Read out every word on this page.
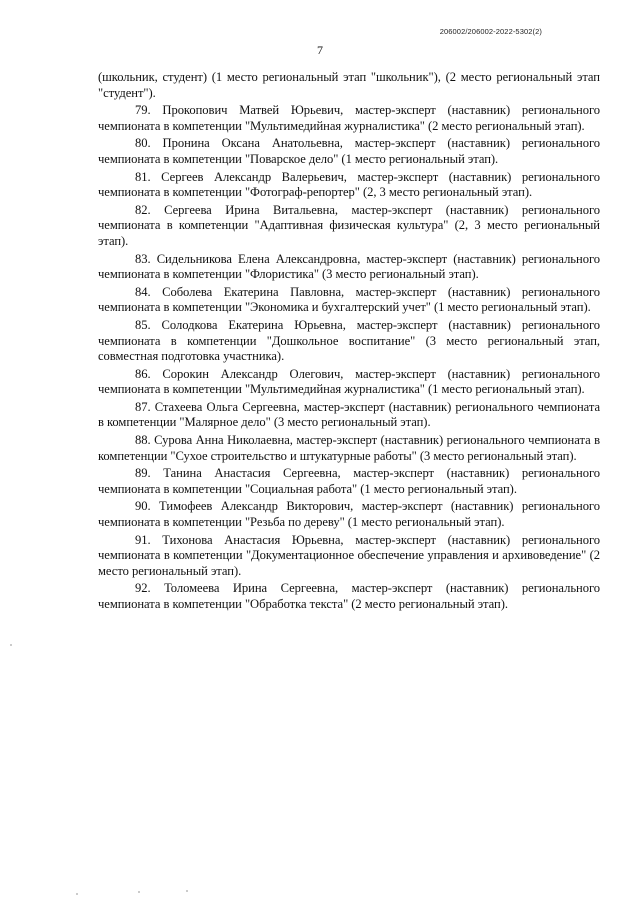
206002/206002-2022-5302(2)
7

(школьник, студент) (1 место региональный этап "школьник"), (2 место региональный этап "студент").

79. Прокопович Матвей Юрьевич, мастер-эксперт (наставник) регионального чемпионата в компетенции "Мультимедийная журналистика" (2 место региональный этап).

80. Пронина Оксана Анатольевна, мастер-эксперт (наставник) регионального чемпионата в компетенции "Поварское дело" (1 место региональный этап).

81. Сергеев Александр Валерьевич, мастер-эксперт (наставник) регионального чемпионата в компетенции "Фотограф-репортер" (2, 3 место региональный этап).

82. Сергеева Ирина Витальевна, мастер-эксперт (наставник) регионального чемпионата в компетенции "Адаптивная физическая культура" (2, 3 место региональный этап).

83. Сидельникова Елена Александровна, мастер-эксперт (наставник) регионального чемпионата в компетенции "Флористика" (3 место региональный этап).

84. Соболева Екатерина Павловна, мастер-эксперт (наставник) регионального чемпионата в компетенции "Экономика и бухгалтерский учет" (1 место региональный этап).

85. Солодкова Екатерина Юрьевна, мастер-эксперт (наставник) регионального чемпионата в компетенции "Дошкольное воспитание" (3 место региональный этап, совместная подготовка участника).

86. Сорокин Александр Олегович, мастер-эксперт (наставник) регионального чемпионата в компетенции "Мультимедийная журналистика" (1 место региональный этап).

87. Стахеева Ольга Сергеевна, мастер-эксперт (наставник) регионального чемпионата в компетенции "Малярное дело" (3 место региональный этап).

88. Сурова Анна Николаевна, мастер-эксперт (наставник) регионального чемпионата в компетенции "Сухое строительство и штукатурные работы" (3 место региональный этап).

89. Танина Анастасия Сергеевна, мастер-эксперт (наставник) регионального чемпионата в компетенции "Социальная работа" (1 место региональный этап).

90. Тимофеев Александр Викторович, мастер-эксперт (наставник) регионального чемпионата в компетенции "Резьба по дереву" (1 место региональный этап).

91. Тихонова Анастасия Юрьевна, мастер-эксперт (наставник) регионального чемпионата в компетенции "Документационное обеспечение управления и архивоведение" (2 место региональный этап).

92. Толомеева Ирина Сергеевна, мастер-эксперт (наставник) регионального чемпионата в компетенции "Обработка текста" (2 место региональный этап).
